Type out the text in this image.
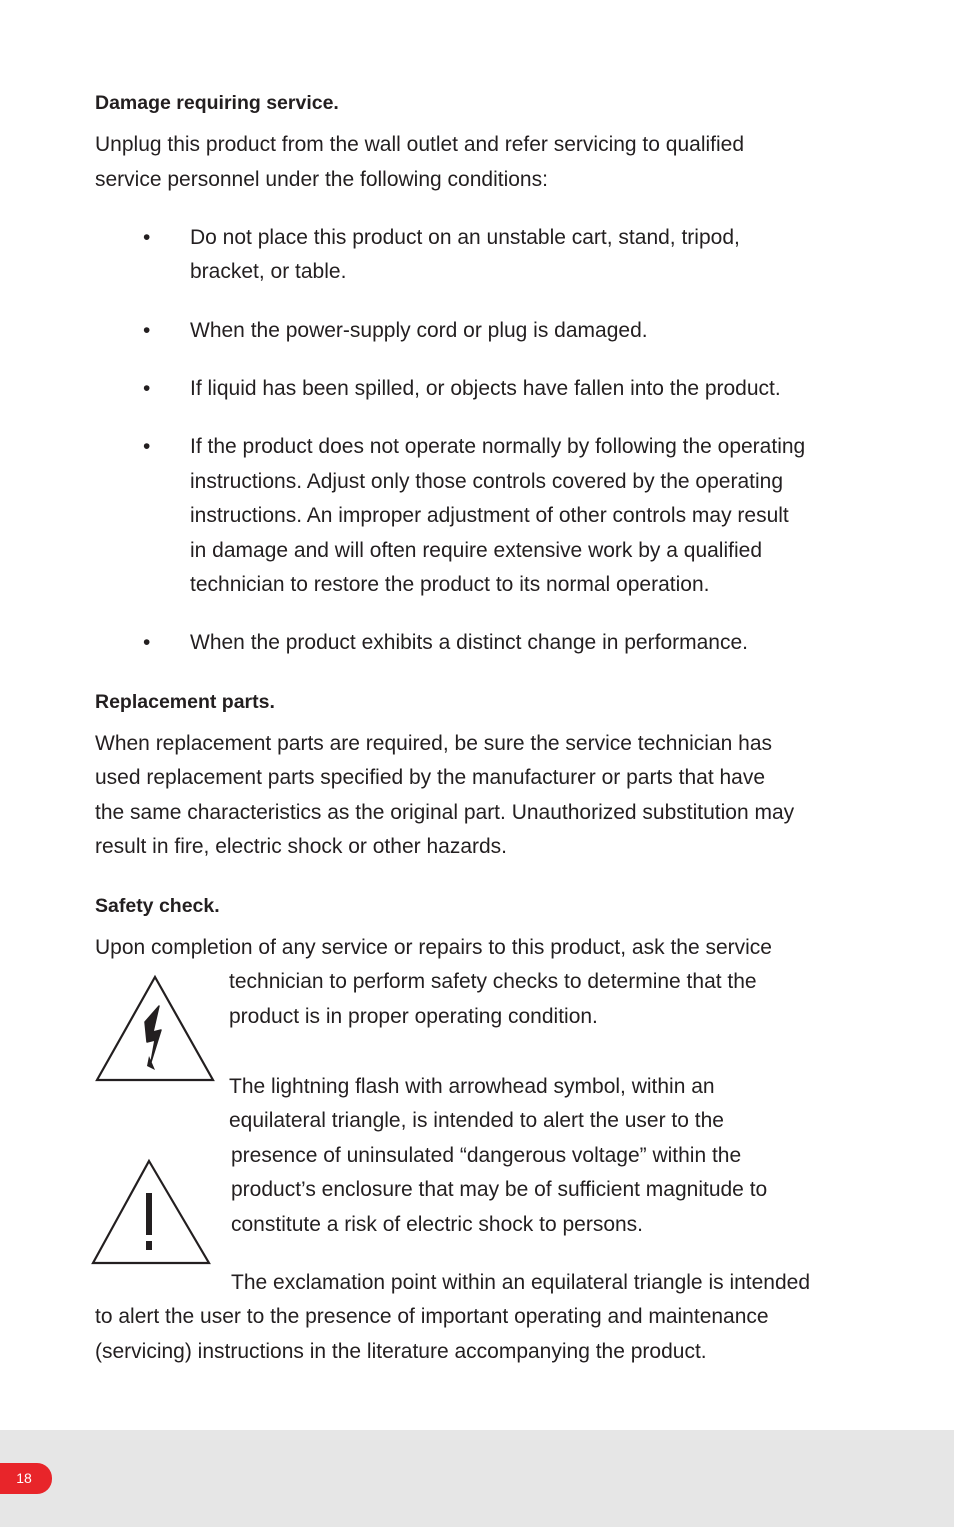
Damage requiring service.
Unplug this product from the wall outlet and refer servicing to qualified
service personnel under the following conditions:
• Do not place this product on an unstable cart, stand, tripod,
bracket, or table.
• When the power-supply cord or plug is damaged.
• If liquid has been spilled, or objects have fallen into the product.
• If the product does not operate normally by following the operating
instructions. Adjust only those controls covered by the operating
instructions. An improper adjustment of other controls may result
in damage and will often require extensive work by a qualified
technician to restore the product to its normal operation.
• When the product exhibits a distinct change in performance.
Replacement parts.
When replacement parts are required, be sure the service technician has
used replacement parts specified by the manufacturer or parts that have
the same characteristics as the original part. Unauthorized substitution may
result in fire, electric shock or other hazards.
Safety check.
Upon completion of any service or repairs to this product, ask the service
technician to perform safety checks to determine that the
product is in proper operating condition.
The lightning flash with arrowhead symbol, within an
equilateral triangle, is intended to alert the user to the
presence of uninsulated “dangerous voltage” within the
product’s enclosure that may be of sufficient magnitude to
constitute a risk of electric shock to persons.
The exclamation point within an equilateral triangle is intended
to alert the user to the presence of important operating and maintenance
(servicing) instructions in the literature accompanying the product.
18
